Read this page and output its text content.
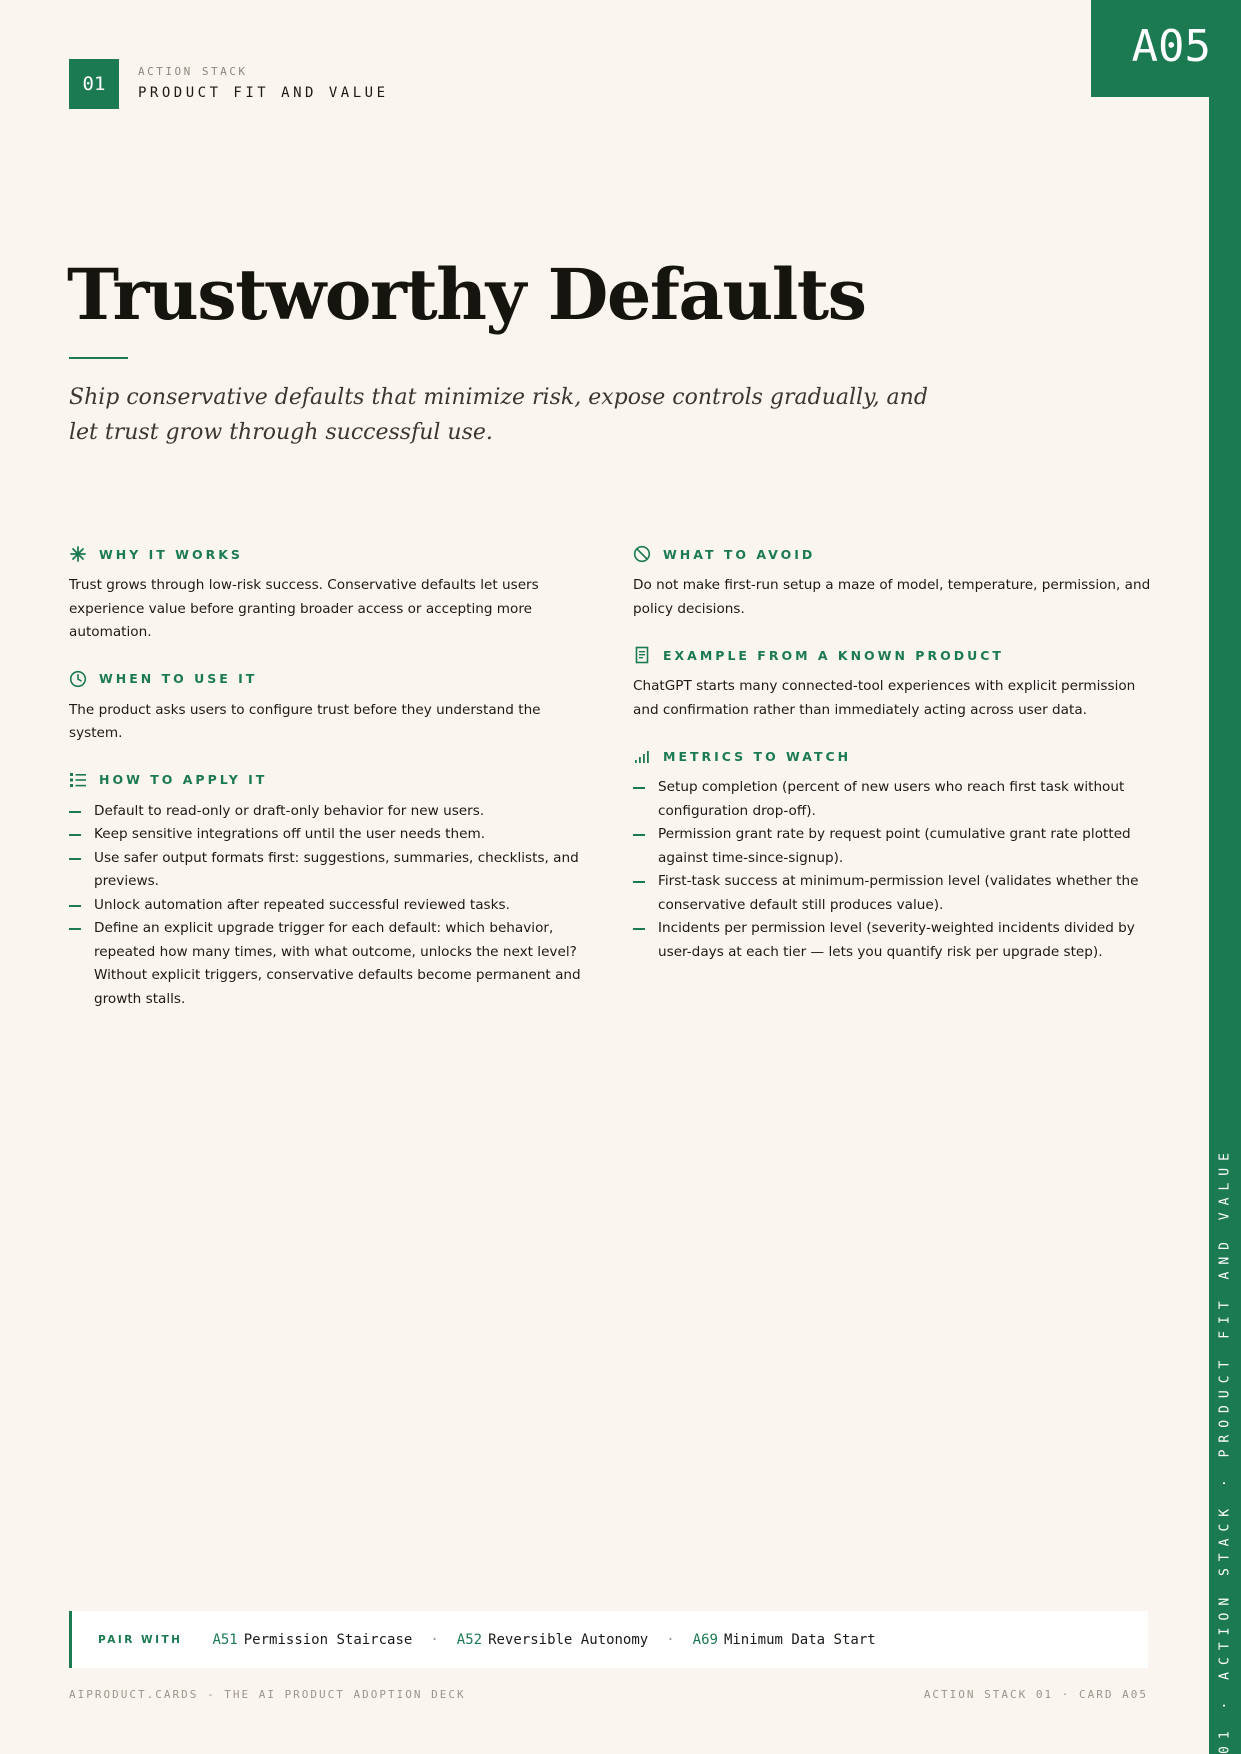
A05
01 · ACTION STACK · PRODUCT FIT AND VALUE
01
ACTION STACK
PRODUCT FIT AND VALUE
Trustworthy Defaults

Ship conservative defaults that minimize risk, expose controls gradually, and let trust grow through successful use.

WHY IT WORKS

Trust grows through low-risk success. Conservative defaults let users experience value before granting broader access or accepting more automation.

WHEN TO USE IT

The product asks users to configure trust before they understand the system.

HOW TO APPLY IT
Default to read-only or draft-only behavior for new users.
Keep sensitive integrations off until the user needs them.
Use safer output formats first: suggestions, summaries, checklists, and previews.
Unlock automation after repeated successful reviewed tasks.
Define an explicit upgrade trigger for each default: which behavior, repeated how many times, with what outcome, unlocks the next level? Without explicit triggers, conservative defaults become permanent and growth stalls.
WHAT TO AVOID

Do not make first-run setup a maze of model, temperature, permission, and policy decisions.

EXAMPLE FROM A KNOWN PRODUCT

ChatGPT starts many connected-tool experiences with explicit permission and confirmation rather than immediately acting across user data.

METRICS TO WATCH
Setup completion (percent of new users who reach first task without configuration drop-off).
Permission grant rate by request point (cumulative grant rate plotted against time-since-signup).
First-task success at minimum-permission level (validates whether the conservative default still produces value).
Incidents per permission level (severity-weighted incidents divided by user-days at each tier — lets you quantify risk per upgrade step).
PAIR WITH A51 Permission Staircase · A52 Reversible Autonomy · A69 Minimum Data Start
AIPRODUCT.CARDS - THE AI PRODUCT ADOPTION DECK	ACTION STACK 01 · CARD A05
